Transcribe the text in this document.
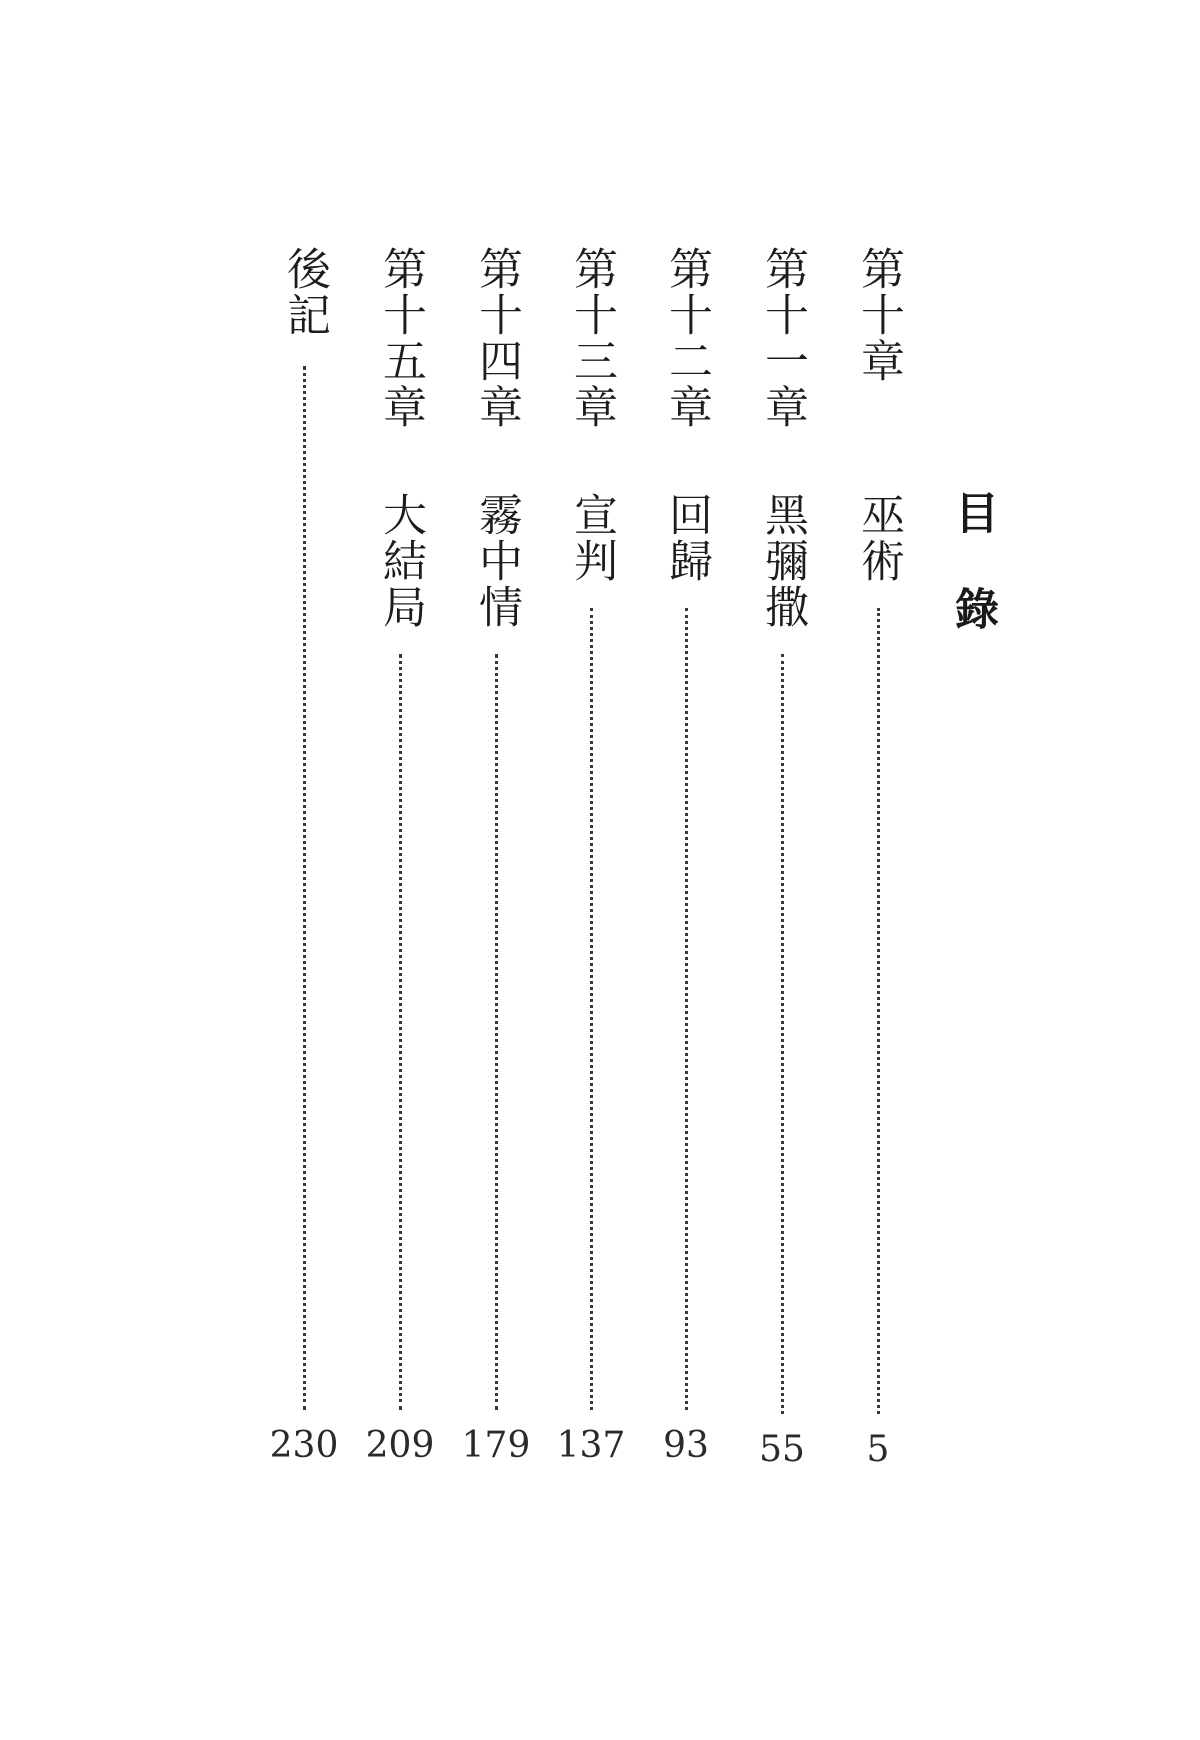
目錄
第十章
巫術
5
第十一章
黑彌撒
55
第十二章
回歸
93
第十三章
宣判
137
第十四章
霧中情
179
第十五章
大結局
209
後記
230
